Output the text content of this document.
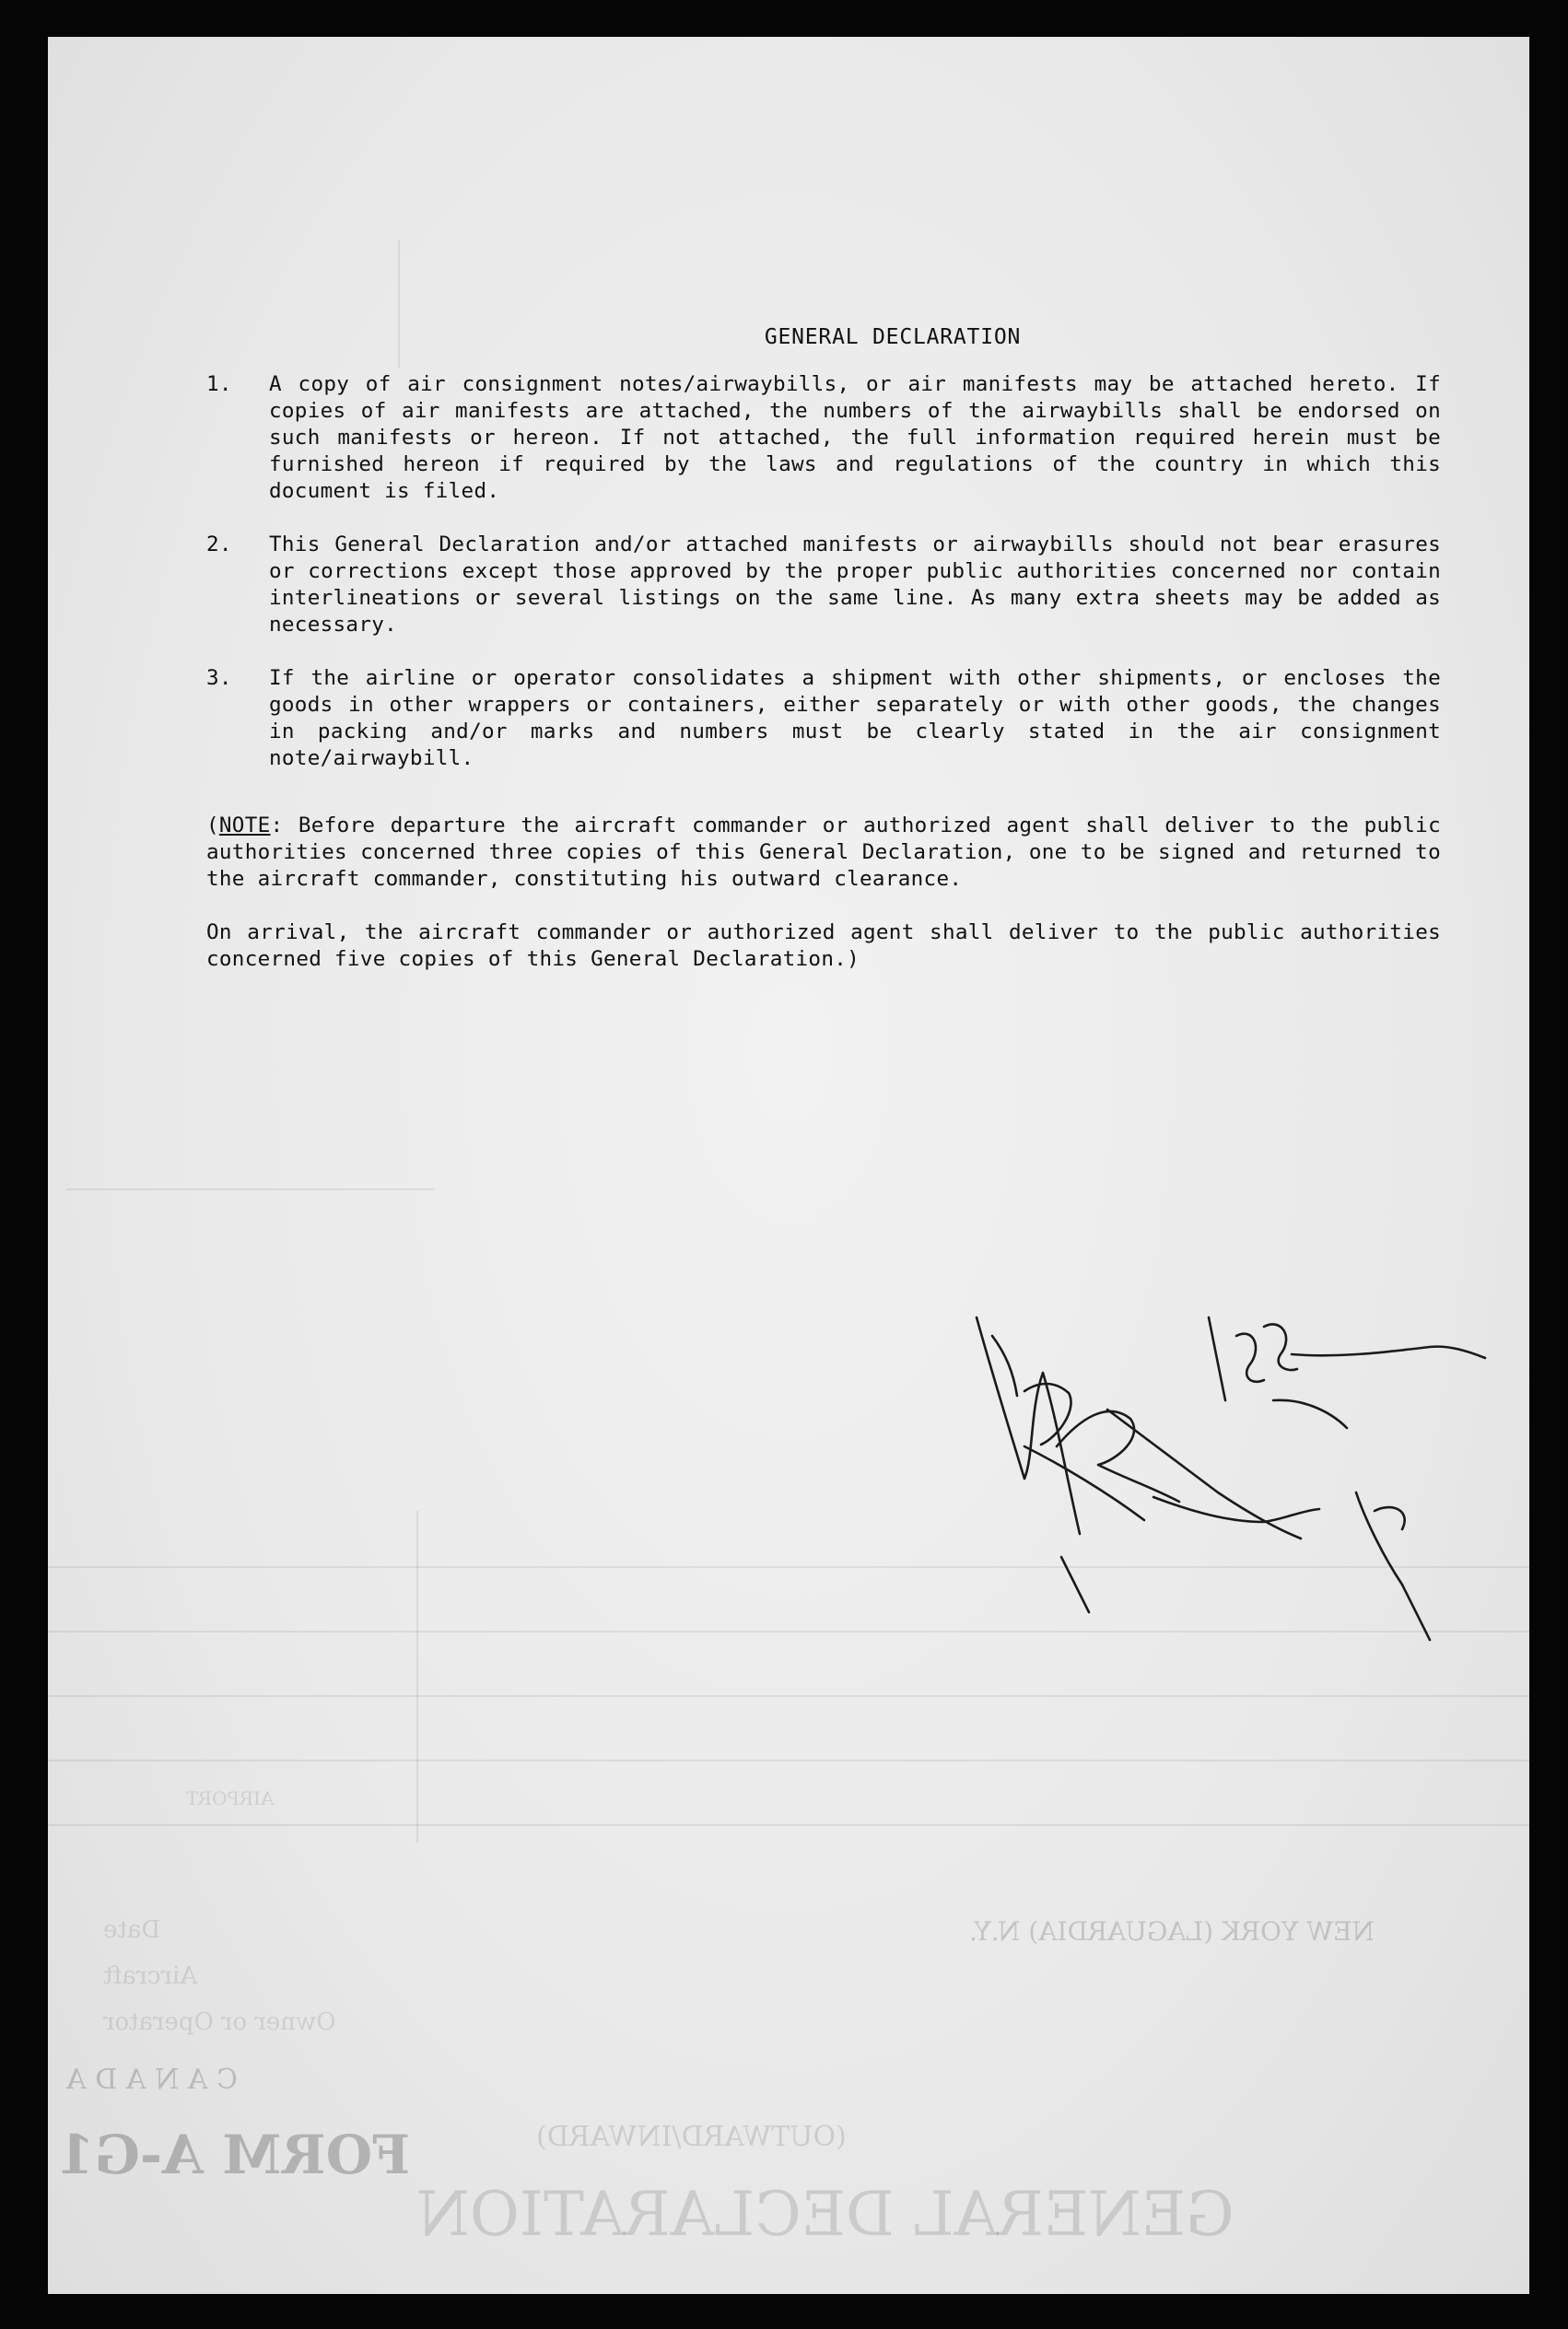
FORM A-G1
C A N A D A
GENERAL DECLARATION
(OUTWARD/INWARD)
Owner or Operator
Aircraft
Date
AIRPORT
NEW YORK (LAGUARDIA) N.Y.
GENERAL DECLARATION
1.	A copy of air consignment notes/airwaybills, or air manifests may be attached hereto. If copies of air manifests are attached, the numbers of the airwaybills shall be endorsed on such manifests or hereon. If not attached, the full information required herein must be furnished hereon if required by the laws and regulations of the country in which this document is filed.
2.	This General Declaration and/or attached manifests or airwaybills should not bear erasures or corrections except those approved by the proper public authorities concerned nor contain interlineations or several listings on the same line. As many extra sheets may be added as necessary.
3.	If the airline or operator consolidates a shipment with other shipments, or encloses the goods in other wrappers or containers, either separately or with other goods, the changes in packing and/or marks and numbers must be clearly stated in the air consignment note/airwaybill.
(NOTE: Before departure the aircraft commander or authorized agent shall deliver to the public authorities concerned three copies of this General Declaration, one to be signed and returned to the aircraft commander, constituting his outward clearance.
On arrival, the aircraft commander or authorized agent shall deliver to the public authorities concerned five copies of this General Declaration.)
